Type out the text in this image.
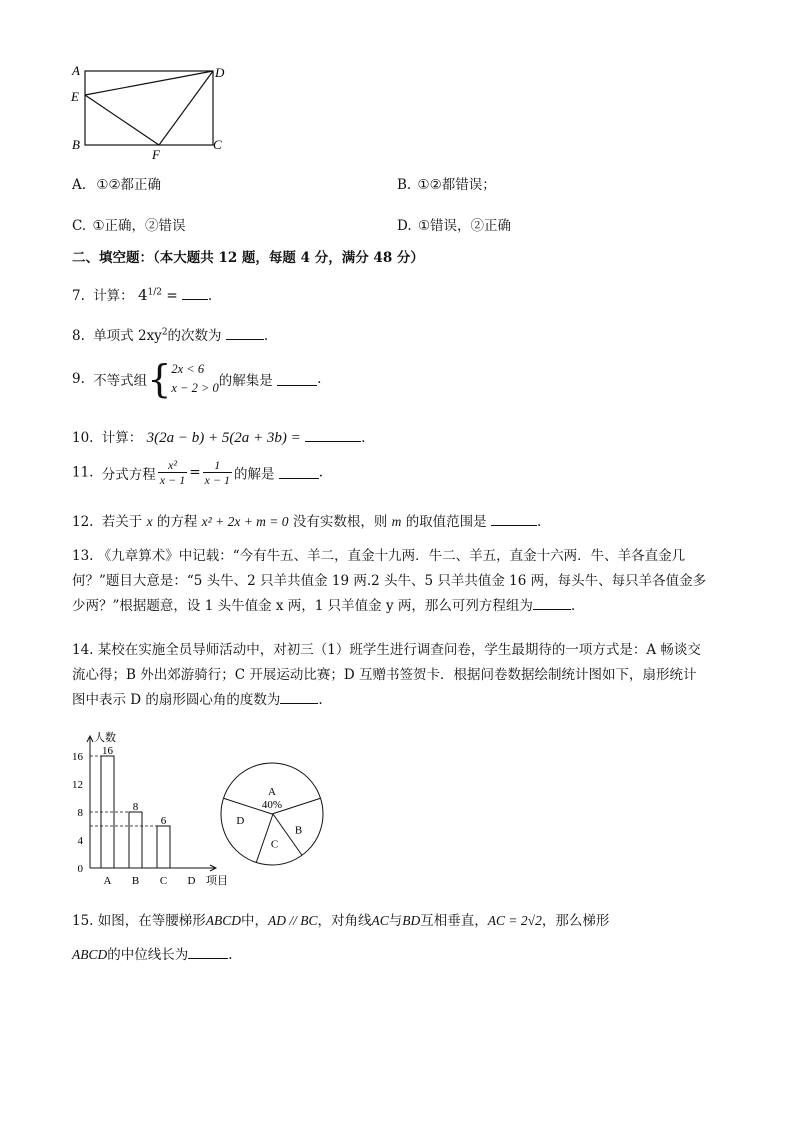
A	D
E
B
F
C
A. ①②都正确	B. ①②都错误；
C. ①正确，②错误	D. ①错误，②正确
二、填空题：（本大题共 12 题，每题 4 分，满分 48 分）
7. 计算： $4^{1/2}$ = .
8. 单项式 $2xy^2$的次数为	.
9. 不等式组{ 2x < 6
x − 2 > 0 的解集是	.
10. 计算： 3(2a − b) + 5(2a + 3b) =	.
11. 分式方程 $\frac{\text{x²}}{x - 1} = \frac{1}{x - 1}$ 的解是	.
12. 若关于 x 的方程 x² + 2x + m = 0 没有实数根，则 m 的取值范围是	.
13. 《九章算术》中记载：“今有牛五、羊二，直金十九两．牛二、羊五，直金十六两．牛、羊各直金几
何？”题目大意是：“5 头牛、2 只羊共值金 19 两.2 头牛、5 只羊共值金 16 两，每头牛、每只羊各值金多
少两？”根据题意，设 1 头牛值金 x 两，1 只羊值金 y 两，那么可列方程组为	.
14. 某校在实施全员导师活动中，对初三（1）班学生进行调查问卷，学生最期待的一项方式是：A 畅谈交
流心得；B 外出郊游骑行；C 开展运动比赛；D 互赠书签贺卡．根据问卷数据绘制统计图如下，扇形统计
图中表示 D 的扇形圆心角的度数为	.
人数
项目
0
4
8
12
16
A
16
B
8
C
6
D
A
40%
B
C
D
15. 如图，在等腰梯形ABCD中，AD // BC，对角线AC与BD互相垂直，AC = 2√2，那么梯形
ABCD的中位线长为	.
